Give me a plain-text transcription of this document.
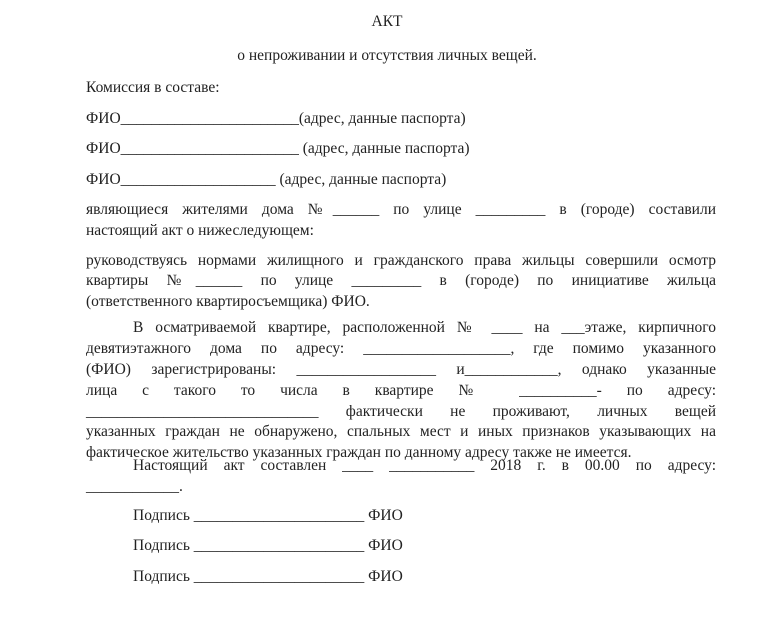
АКТ
о непроживании и отсутствия личных вещей.
Комиссия в составе:
ФИО_______________________(адрес, данные паспорта)
ФИО_______________________ (адрес, данные паспорта)
ФИО____________________ (адрес, данные паспорта)
являющиеся жителями дома №______ по улице _________ в (городе) составили
настоящий акт о нижеследующем:
руководствуясь нормами жилищного и гражданского права жильцы совершили осмотр
квартиры №______ по улице _________ в (городе) по инициативе жильца
(ответственного квартиросъемщика) ФИО.
В осматриваемой квартире, расположенной № ____ на ___этаже, кирпичного
девятиэтажного дома по адресу: ___________________, где помимо указанного
(ФИО) зарегистрированы: __________________ и____________, однако указанные
лица с такого то числа в квартире № __________- по адресу:
______________________________ фактически не проживают, личных вещей
указанных граждан не обнаружено, спальных мест и иных признаков указывающих на
фактическое жительство указанных граждан по данному адресу также не имеется.
Настоящий акт составлен ____ ___________ 2018 г. в 00.00 по адресу:
____________.
Подпись ______________________ ФИО
Подпись ______________________ ФИО
Подпись ______________________ ФИО
